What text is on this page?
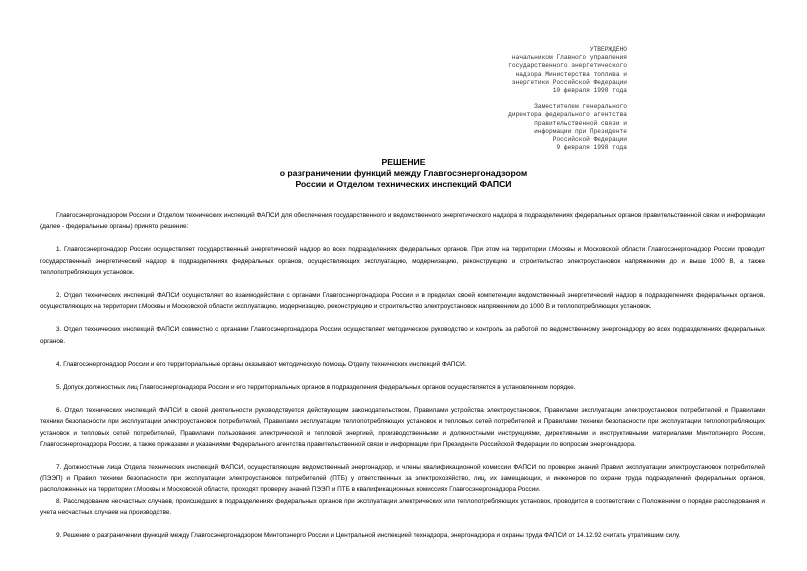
УТВЕРЖДЕНО
начальником Главного управления
государственного энергетического
надзора Министерства топлива и
энергетики Российской Федерации
10 февраля 1998 года
Заместителем генерального
директора федерального агентства
правительственной связи и
информации при Президенте
Российской Федерации
9 февраля 1998 года
РЕШЕНИЕ
о разграничении функций между Главгосэнергонадзором
России и Отделом технических инспекций ФАПСИ

Главгосэнергонадзором России и Отделом технических инспекций ФАПСИ для обеспечения государственного и ведомственного энергетического надзора в подразделениях федеральных органов правительственной связи и информации (далее - федеральные органы) принято решение:

1. Главгосэнергонадзор России осуществляет государственный энергетический надзор во всех подразделениях федеральных органов. При этом на территории г.Москвы и Московской области Главгосэнергонадзор России проводит государственный энергетический надзор в подразделениях федеральных органов, осуществляющих эксплуатацию, модернизацию, реконструкцию и строительство электроустановок напряжением до и выше 1000 В, а также теплопотребляющих установок.

2. Отдел технических инспекций ФАПСИ осуществляет во взаимодействии с органами Главгосэнергонадзора России и в пределах своей компетенции ведомственный энергетический надзор в подразделениях федеральных органов, осуществляющих на территории г.Москвы и Московской области эксплуатацию, модернизацию, реконструкцию и строительство электроустановок напряжением до 1000 В и теплопотребляющих установок.

3. Отдел технических инспекций ФАПСИ совместно с органами Главгосэнергонадзора России осуществляет методическое руководство и контроль за работой по ведомственному энергонадзору во всех подразделениях федеральных органов.

4. Главгосэнергонадзор России и его территориальные органы оказывают методическую помощь Отделу технических инспекций ФАПСИ.

5. Допуск должностных лиц Главгосэнергонадзора России и его территориальных органов в подразделения федеральных органов осуществляется в установленном порядке.

6. Отдел технических инспекций ФАПСИ в своей деятельности руководствуется действующим законодательством, Правилами устройства электроустановок, Правилами эксплуатации электроустановок потребителей и Правилами техники безопасности при эксплуатации электроустановок потребителей, Правилами эксплуатации теплопотребляющих установок и тепловых сетей потребителей и Правилами техники безопасности при эксплуатации теплопотребляющих установок и тепловых сетей потребителей, Правилами пользования электрической и тепловой энергией, производственными и должностными инструкциями, директивными и инструктивными материалами Минтопэнерго России, Главгосэнергонадзора России, а также приказами и указаниями Федерального агентства правительственной связи и информации при Президенте Российской Федерации по вопросам энергонадзора.

7. Должностные лица Отдела технических инспекций ФАПСИ, осуществляющие ведомственный энергонадзор, и члены квалификационной комиссии ФАПСИ по проверке знаний Правил эксплуатации электроустановок потребителей (ПЭЭП) и Правил техники безопасности при эксплуатации электроустановок потребителей (ПТБ) у ответственных за электрохозяйство, лиц, их замещающих, и инженеров по охране труда подразделений федеральных органов, расположенных на территории г.Москвы и Московской области, проходят проверку знаний ПЭЭП и ПТБ в квалификационных комиссиях Главгосэнергонадзора России.

8. Расследование несчастных случаев, происшедших в подразделениях федеральных органов при эксплуатации электрических или теплопотребляющих установок, проводится в соответствии с Положением о порядке расследования и учета несчастных случаев на производстве.

9. Решение о разграничении функций между Главгосэнергонадзором Минтопэнерго России и Центральной инспекцией технадзора, энергонадзора и охраны труда ФАПСИ от 14.12.92 считать утратившим силу.
